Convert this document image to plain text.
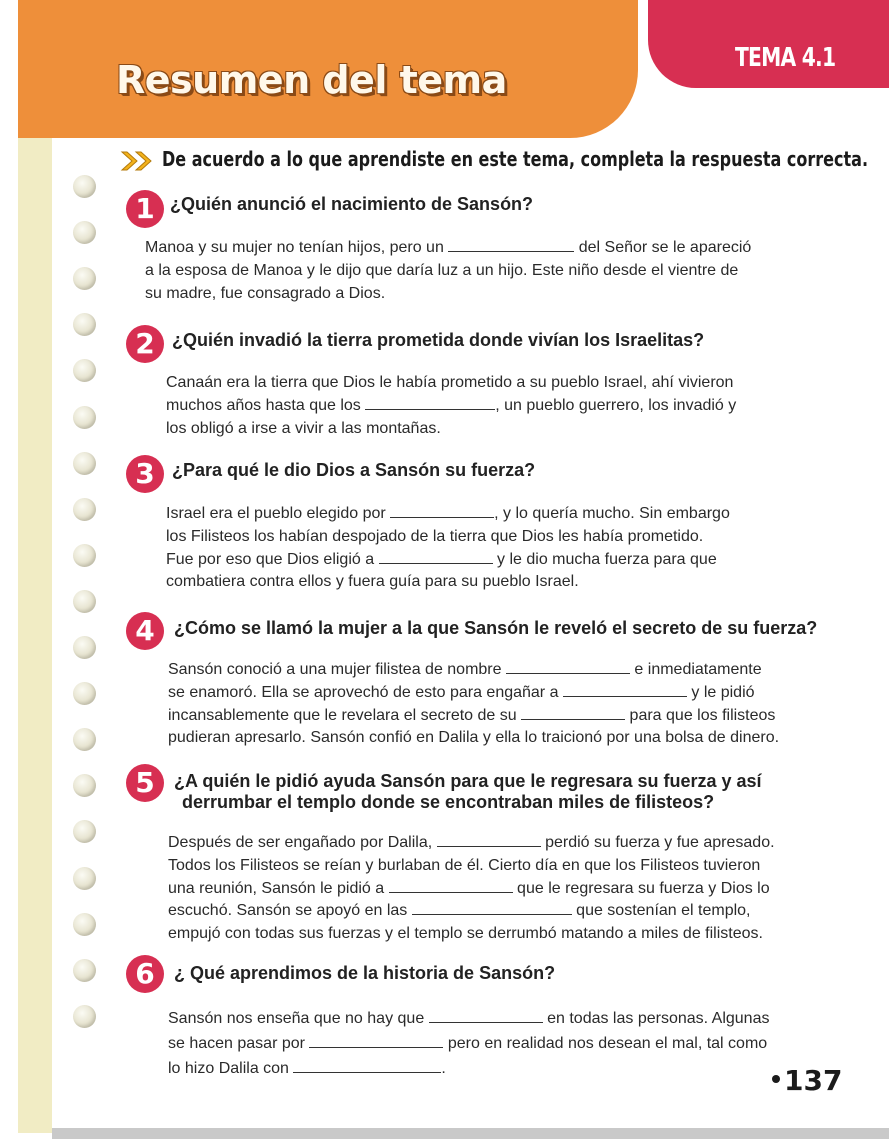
Resumen del tema	TEMA 4.1

De acuerdo a lo que aprendiste en este tema, completa la respuesta correcta.

1 ¿Quién anunció el nacimiento de Sansón?

Manoa y su mujer no tenían hijos, pero un	del Señor se le apareció
a la esposa de Manoa y le dijo que daría luz a un hijo. Este niño desde el vientre de
su madre, fue consagrado a Dios.
2 ¿Quién invadió la tierra prometida donde vivían los Israelitas?

Canaán era la tierra que Dios le había prometido a su pueblo Israel, ahí vivieron
muchos años hasta que los	, un pueblo guerrero, los invadió y
los obligó a irse a vivir a las montañas.
3 ¿Para qué le dio Dios a Sansón su fuerza?

Israel era el pueblo elegido por	, y lo quería mucho. Sin embargo
los Filisteos los habían despojado de la tierra que Dios les había prometido.
Fue por eso que Dios eligió a	y le dio mucha fuerza para que
combatiera contra ellos y fuera guía para su pueblo Israel.
4	¿Cómo se llamó la mujer a la que Sansón le reveló el secreto de su fuerza?

Sansón conoció a una mujer filistea de nombre	e inmediatamente
se enamoró. Ella se aprovechó de esto para engañar a	y le pidió
incansablemente que le revelara el secreto de su	para que los filisteos
pudieran apresarlo. Sansón confió en Dalila y ella lo traicionó por una bolsa de dinero.
5	¿A quién le pidió ayuda Sansón para que le regresara su fuerza y así

derrumbar el templo donde se encontraban miles de filisteos?

Después de ser engañado por Dalila,	perdió su fuerza y fue apresado.
Todos los Filisteos se reían y burlaban de él. Cierto día en que los Filisteos tuvieron
una reunión, Sansón le pidió a	que le regresara su fuerza y Dios lo
escuchó. Sansón se apoyó en las	que sostenían el templo,
empujó con todas sus fuerzas y el templo se derrumbó matando a miles de filisteos.
6	¿ Qué aprendimos de la historia de Sansón?

Sansón nos enseña que no hay que	en todas las personas. Algunas
se hacen pasar por	pero en realidad nos desean el mal, tal como
lo hizo Dalila con	.	137
